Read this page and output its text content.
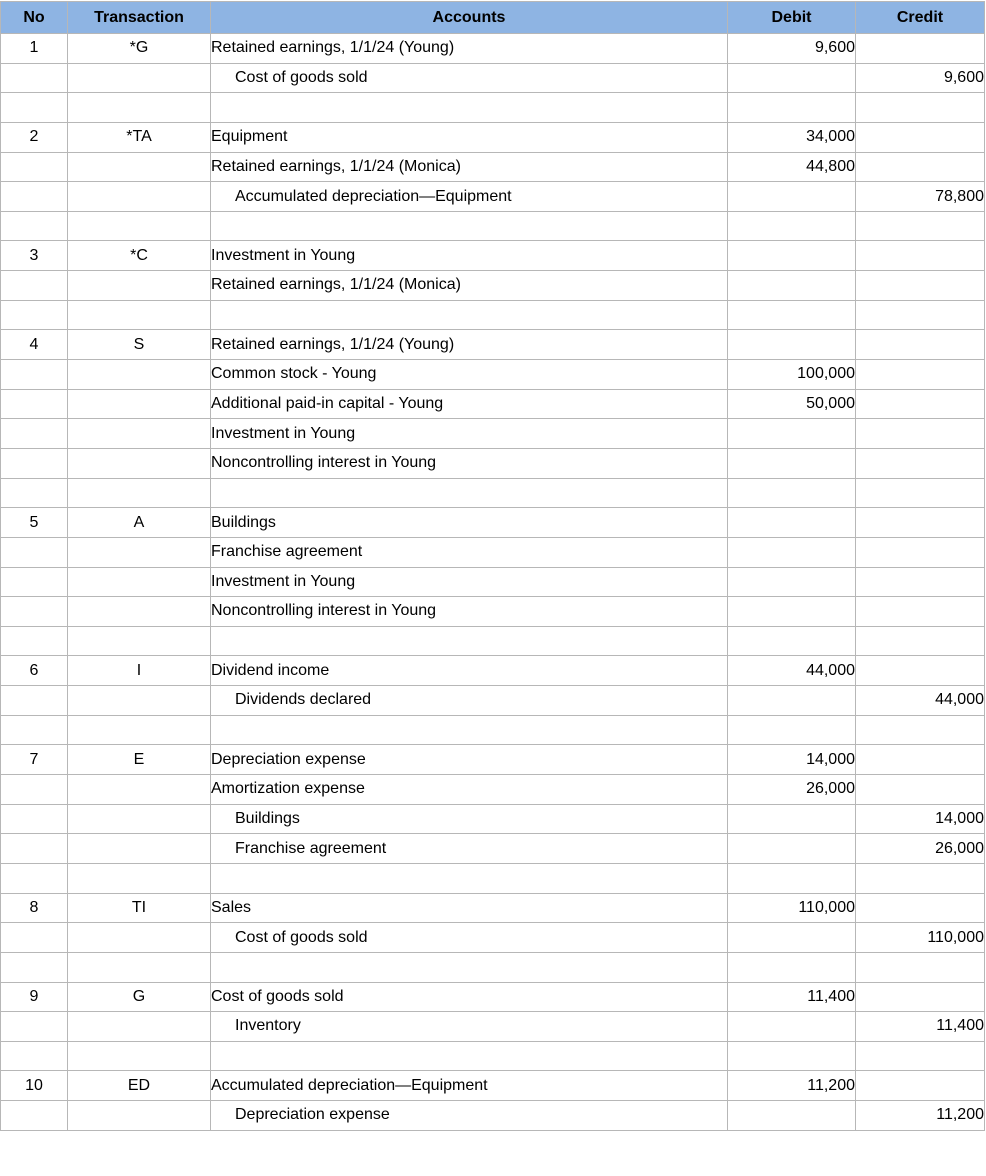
No	Transaction	Accounts	Debit	Credit
1	*G	Retained earnings, 1/1/24 (Young)	9,600	
		Cost of goods sold		9,600

2	*TA	Equipment	34,000	
		Retained earnings, 1/1/24 (Monica)	44,800	
		Accumulated depreciation—Equipment		78,800

3	*C	Investment in Young		
		Retained earnings, 1/1/24 (Monica)		

4	S	Retained earnings, 1/1/24 (Young)		
		Common stock - Young	100,000	
		Additional paid-in capital - Young	50,000	
		Investment in Young		
		Noncontrolling interest in Young		

5	A	Buildings		
		Franchise agreement		
		Investment in Young		
		Noncontrolling interest in Young		

6	I	Dividend income	44,000	
		Dividends declared		44,000

7	E	Depreciation expense	14,000	
		Amortization expense	26,000	
		Buildings		14,000
		Franchise agreement		26,000

8	TI	Sales	110,000	
		Cost of goods sold		110,000

9	G	Cost of goods sold	11,400	
		Inventory		11,400

10	ED	Accumulated depreciation—Equipment	11,200	
		Depreciation expense		11,200
